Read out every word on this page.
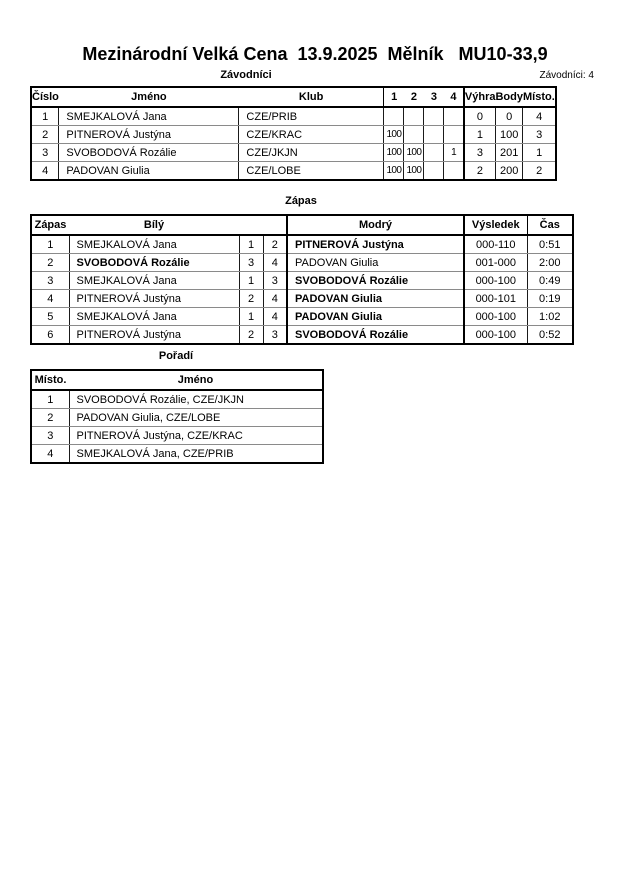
Mezinárodní Velká Cena  13.9.2025  Mělník   MU10-33,9
Závodníci	Závodníci: 4
Číslo	Jméno	Klub	1	2	3	4	Výhra	Body	Místo.
1	SMEJKALOVÁ Jana	CZE/PRIB					0	0	4
2	PITNEROVÁ Justýna	CZE/KRAC	100				1	100	3
3	SVOBODOVÁ Rozálie	CZE/JKJN	100	100		1	3	201	1
4	PADOVAN Giulia	CZE/LOBE	100	100			2	200	2
Zápas
Zápas	Bílý			Modrý	Výsledek	Čas
1	SMEJKALOVÁ Jana	1	2	PITNEROVÁ Justýna	000-110	0:51
2	SVOBODOVÁ Rozálie	3	4	PADOVAN Giulia	001-000	2:00
3	SMEJKALOVÁ Jana	1	3	SVOBODOVÁ Rozálie	000-100	0:49
4	PITNEROVÁ Justýna	2	4	PADOVAN Giulia	000-101	0:19
5	SMEJKALOVÁ Jana	1	4	PADOVAN Giulia	000-100	1:02
6	PITNEROVÁ Justýna	2	3	SVOBODOVÁ Rozálie	000-100	0:52
Pořadí
Místo.	Jméno
1	SVOBODOVÁ Rozálie, CZE/JKJN
2	PADOVAN Giulia, CZE/LOBE
3	PITNEROVÁ Justýna, CZE/KRAC
4	SMEJKALOVÁ Jana, CZE/PRIB
